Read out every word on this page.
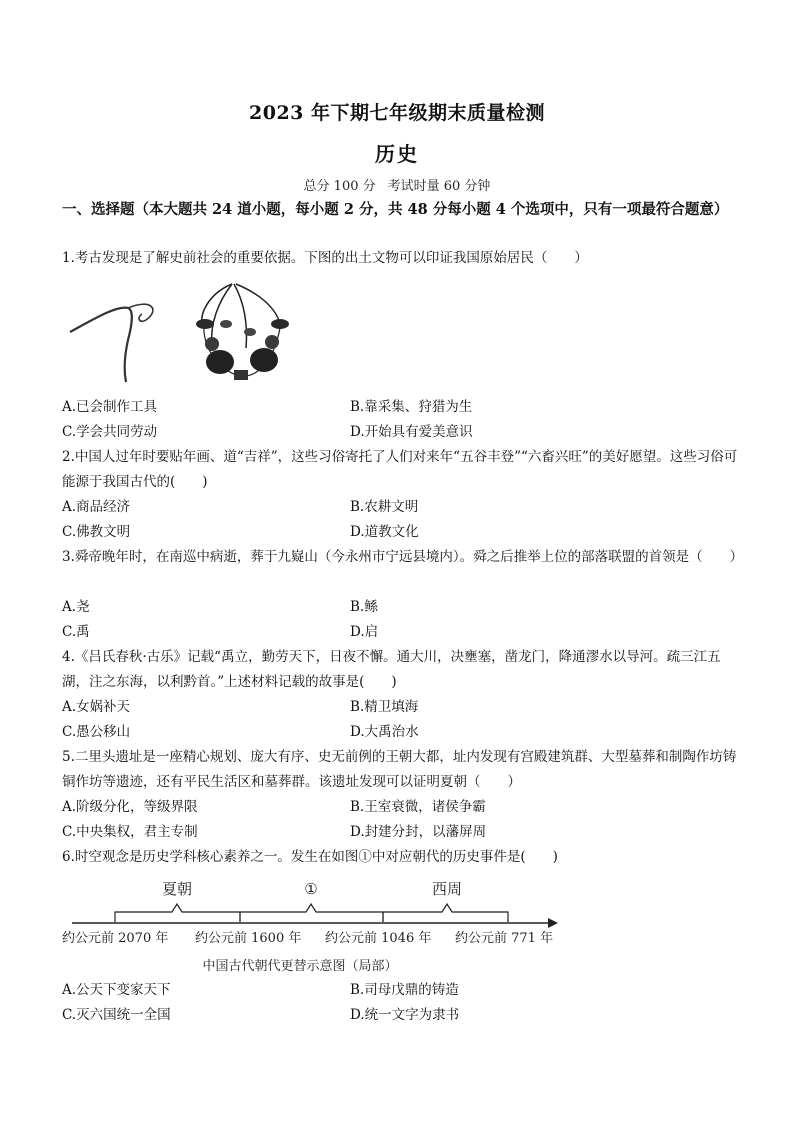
2023 年下期七年级期末质量检测
历史
总分 100 分 考试时量 60 分钟
一、选择题（本大题共 24 道小题，每小题 2 分，共 48 分每小题 4 个选项中，只有一项最符合题意）
1.考古发现是了解史前社会的重要依据。下图的出土文物可以印证我国原始居民（　　）
A.已会制作工具	B.靠采集、狩猎为生
C.学会共同劳动	D.开始具有爱美意识
2.中国人过年时要贴年画、道“吉祥”，这些习俗寄托了人们对来年“五谷丰登”“六畜兴旺”的美好愿望。这些习俗可能源于我国古代的(　　)
A.商品经济	B.农耕文明
C.佛教文明	D.道教文化
3.舜帝晚年时，在南巡中病逝，葬于九嶷山（今永州市宁远县境内）。舜之后推举上位的部落联盟的首领是（　　）
A.尧	B.鲧
C.禹	D.启
4.《吕氏春秋·古乐》记载“禹立，勤劳天下，日夜不懈。通大川，决壅塞，凿龙门，降通漻水以导河。疏三江五湖，注之东海，以利黔首。”上述材料记载的故事是(　　)
A.女娲补天	B.精卫填海
C.愚公移山	D.大禹治水
5.二里头遗址是一座精心规划、庞大有序、史无前例的王朝大都，址内发现有宫殿建筑群、大型墓葬和制陶作坊铸铜作坊等遗迹，还有平民生活区和墓葬群。该遗址发现可以证明夏朝（　　）
A.阶级分化，等级界限	B.王室衰微，诸侯争霸
C.中央集权，君主专制	D.封建分封，以藩屏周
6.时空观念是历史学科核心素养之一。发生在如图①中对应朝代的历史事件是(　　)
夏朝	①	西周
约公元前 2070 年 约公元前 1600 年 约公元前 1046 年 约公元前 771 年
中国古代朝代更替示意图（局部）
A.公天下变家天下	B.司母戊鼎的铸造
C.灭六国统一全国	D.统一文字为隶书
